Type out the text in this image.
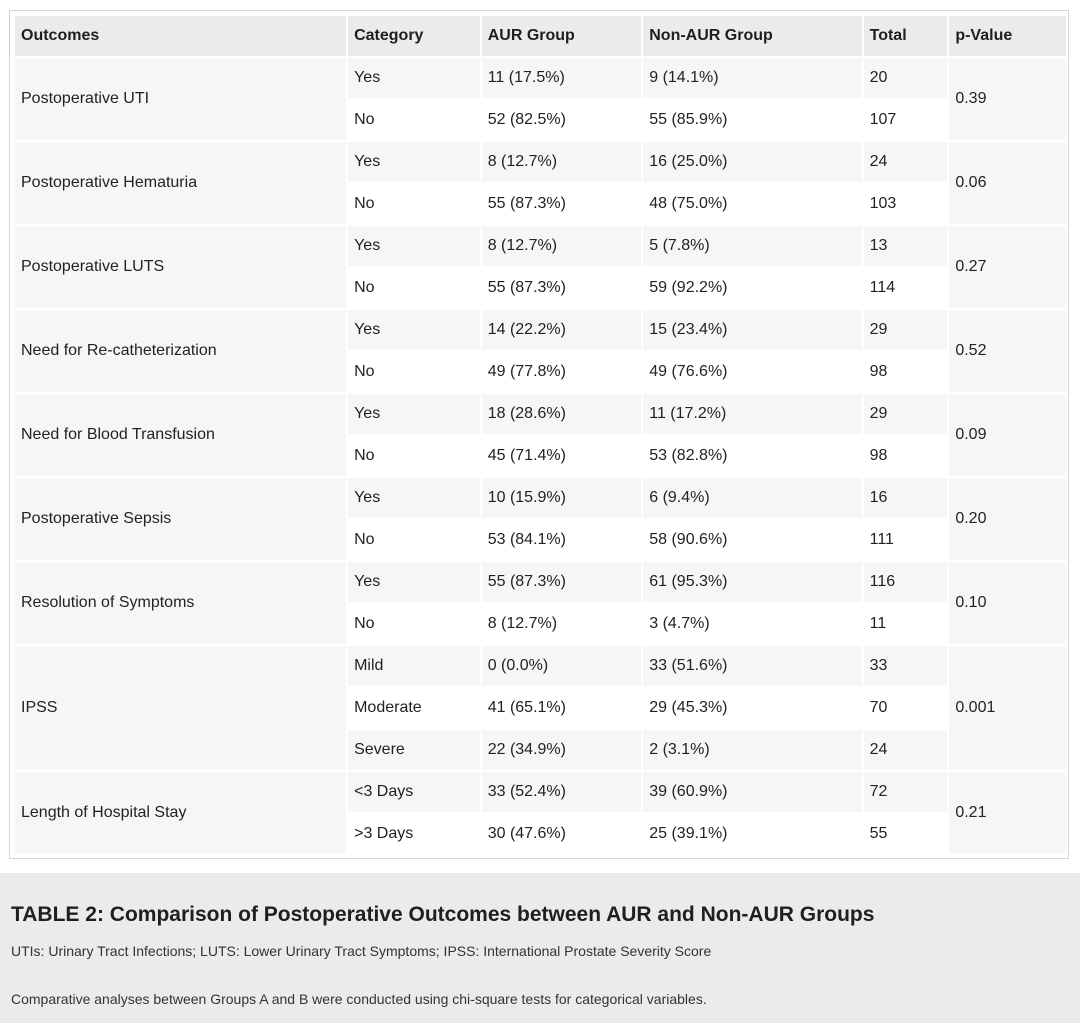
Outcomes	Category	AUR Group	Non-AUR Group	Total	p-Value
Postoperative UTI	Yes	11 (17.5%)	9 (14.1%)	20	0.39
	No	52 (82.5%)	55 (85.9%)	107	
Postoperative Hematuria	Yes	8 (12.7%)	16 (25.0%)	24	0.06
	No	55 (87.3%)	48 (75.0%)	103	
Postoperative LUTS	Yes	8 (12.7%)	5 (7.8%)	13	0.27
	No	55 (87.3%)	59 (92.2%)	114	
Need for Re-catheterization	Yes	14 (22.2%)	15 (23.4%)	29	0.52
	No	49 (77.8%)	49 (76.6%)	98	
Need for Blood Transfusion	Yes	18 (28.6%)	11 (17.2%)	29	0.09
	No	45 (71.4%)	53 (82.8%)	98	
Postoperative Sepsis	Yes	10 (15.9%)	6 (9.4%)	16	0.20
	No	53 (84.1%)	58 (90.6%)	111	
Resolution of Symptoms	Yes	55 (87.3%)	61 (95.3%)	116	0.10
	No	8 (12.7%)	3 (4.7%)	11	
IPSS	Mild	0 (0.0%)	33 (51.6%)	33	0.001
	Moderate	41 (65.1%)	29 (45.3%)	70	
	Severe	22 (34.9%)	2 (3.1%)	24	
Length of Hospital Stay	<3 Days	33 (52.4%)	39 (60.9%)	72	0.21
	>3 Days	30 (47.6%)	25 (39.1%)	55	
TABLE 2: Comparison of Postoperative Outcomes between AUR and Non-AUR Groups
UTIs: Urinary Tract Infections; LUTS: Lower Urinary Tract Symptoms; IPSS: International Prostate Severity Score
Comparative analyses between Groups A and B were conducted using chi-square tests for categorical variables.
